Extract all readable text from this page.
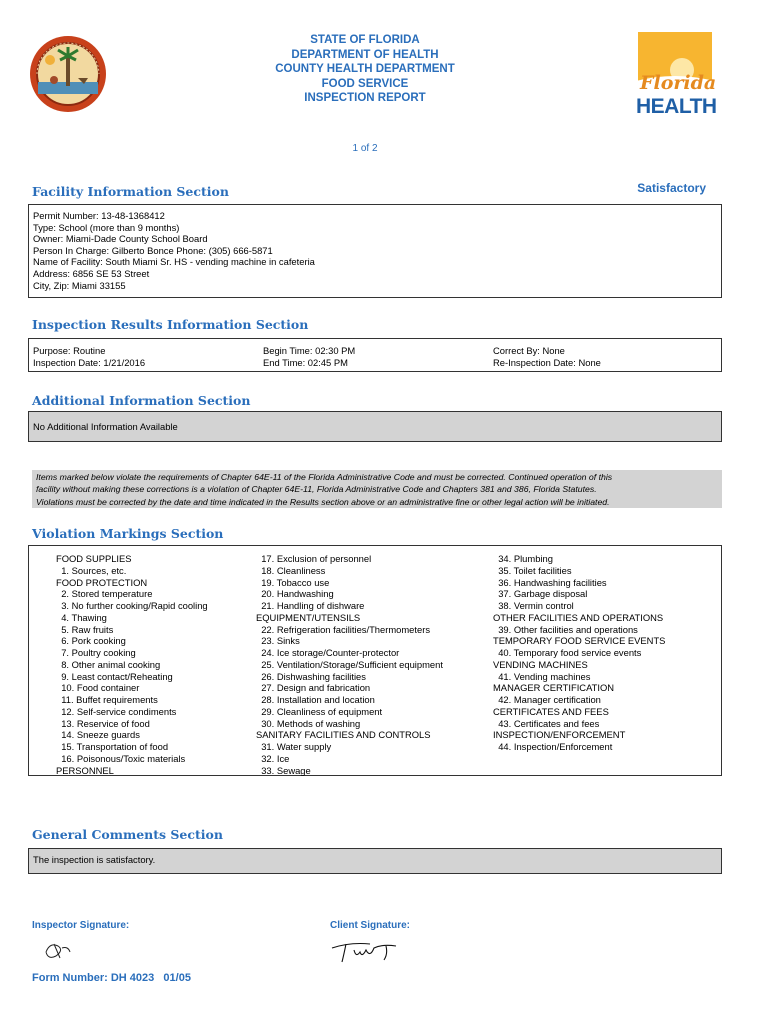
STATE OF FLORIDA
DEPARTMENT OF HEALTH
COUNTY HEALTH DEPARTMENT
FOOD SERVICE
INSPECTION REPORT
Florida
HEALTH
1 of 2
Facility Information Section	Satisfactory
Permit Number: 13-48-1368412
Type: School (more than 9 months)
Owner: Miami-Dade County School Board
Person In Charge: Gilberto Bonce Phone: (305) 666-5871
Name of Facility: South Miami Sr. HS - vending machine in cafeteria
Address: 6856 SE 53 Street
City, Zip: Miami 33155
Inspection Results Information Section
Purpose: Routine
Inspection Date: 1/21/2016
Begin Time: 02:30 PM
End Time: 02:45 PM
Correct By: None
Re-Inspection Date: None
Additional Information Section
No Additional Information Available
Items marked below violate the requirements of Chapter 64E-11 of the Florida Administrative Code and must be corrected. Continued operation of this
facility without making these corrections is a violation of Chapter 64E-11, Florida Administrative Code and Chapters 381 and 386, Florida Statutes.
Violations must be corrected by the date and time indicated in the Results section above or an administrative fine or other legal action will be initiated.
Violation Markings Section
FOOD SUPPLIES
1. Sources, etc.
FOOD PROTECTION
2. Stored temperature
3. No further cooking/Rapid cooling
4. Thawing
5. Raw fruits
6. Pork cooking
7. Poultry cooking
8. Other animal cooking
9. Least contact/Reheating
10. Food container
11. Buffet requirements
12. Self-service condiments
13. Reservice of food
14. Sneeze guards
15. Transportation of food
16. Poisonous/Toxic materials
PERSONNEL
17. Exclusion of personnel
18. Cleanliness
19. Tobacco use
20. Handwashing
21. Handling of dishware
EQUIPMENT/UTENSILS
22. Refrigeration facilities/Thermometers
23. Sinks
24. Ice storage/Counter-protector
25. Ventilation/Storage/Sufficient equipment
26. Dishwashing facilities
27. Design and fabrication
28. Installation and location
29. Cleanliness of equipment
30. Methods of washing
SANITARY FACILITIES AND CONTROLS
31. Water supply
32. Ice
33. Sewage
34. Plumbing
35. Toilet facilities
36. Handwashing facilities
37. Garbage disposal
38. Vermin control
OTHER FACILITIES AND OPERATIONS
39. Other facilities and operations
TEMPORARY FOOD SERVICE EVENTS
40. Temporary food service events
VENDING MACHINES
41. Vending machines
MANAGER CERTIFICATION
42. Manager certification
CERTIFICATES AND FEES
43. Certificates and fees
INSPECTION/ENFORCEMENT
44. Inspection/Enforcement
General Comments Section
The inspection is satisfactory.
Inspector Signature:	Client Signature:
Form Number: DH 4023   01/05
